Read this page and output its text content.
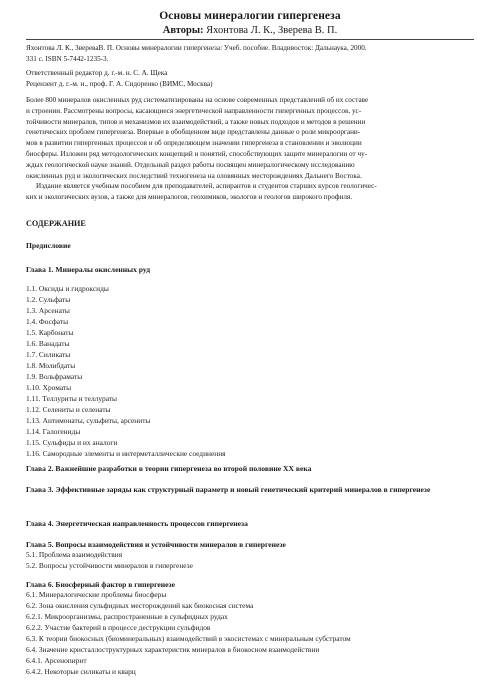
Основы минералогии гипергенеза
Авторы: Яхонтова Л. К., Зверева В. П.
Яхонтова Л. К., ЗвереваВ. П. Основы минералогии гипергенеза: Учеб. пособие. Владивосток: Дальнаука, 2000.
331 с. ISBN 5-7442-1235-3.
Ответственный редактор д. г.-м. н. С. А. Щека
Рецензент д. г.-м. н., проф. Г. А. Сидоренко (ВИМС, Москва)
Более 800 минералов окисленных руд систематизированы на основе современных представлений об их составе
и строении. Рассмотрены вопросы, касающиеся энергетической направленности гипергенных процессов, ус-
тойчивости минералов, типов и механизмов их взаимодействий, а также новых подходов и методов в решении
генетических проблем гипергенеза. Впервые в обобщенном виде представлены данные о роли микрооргани-
мов в развитии гипергенных процессов и об определяющем значении гипергенеза в становлении и эволюции
биосферы. Изложен ряд методологических концепций и понятий, способствующих защите минералогии от чу-
ждых геологической науке знаний. Отдельный раздел работы посвящен минералогическому исследованию
окисленных руд и экологических последствий техногенеза на оловянных месторождениях Дальнего Востока.
Издание является учебным пособием для преподавателей, аспирантов и студентов старших курсов геологичес-
ких и экологических вузов, а также для минералогов, геохимиков, экологов и геологов широкого профиля.
СОДЕРЖАНИЕ
Предисловие
Глава 1. Минералы окисленных руд
1.1. Оксиды и гидроксиды
1.2. Сульфаты
1.3. Арсенаты
1.4. Фосфаты
1.5. Карбонаты
1.6. Ванадаты
1.7. Силикаты
1.8. Молибдаты
1.9. Вольфраматы
1.10. Хроматы
1.11. Теллуриты и теллураты
1.12. Селениты и селенаты
1.13. Антимонаты, сульфиты, арсениты
1.14. Галогениды
1.15. Сульфиды и их аналоги
1.16. Самородные элементы и интерметаллические соединения
Глава 2. Важнейшие разработки в теории гипергенеза во второй половине XX века
Глава 3. Эффективные заряды как структурный параметр и новый генетический критерий минералов в гипергенезе
Глава 4. Энергетическая направленность процессов гипергенеза
Глава 5. Вопросы взаимодействия и устойчивости минералов в гипергенезе
5.1. Проблема взаимодействия
5.2. Вопросы устойчивости минералов в гипергенезе
Глава 6. Биосферный фактор в гипергенезе
6.1. Минералогические проблемы биосферы
6.2. Зона окисления сульфидных месторождений как биокосная система
6.2.1. Микроорганизмы, распространенные в сульфидных рудах
6.2.2. Участие бактерий в процессе деструкции сульфидов
6.3. К теории биокосных (биоминеральных) взаимодействий в экосистемах с минеральным субстратом
6.4. Значение кристаллоструктурных характеристик минералов в биокосном взаимодействии
6.4.1. Арсенопирит
6.4.2. Некоторые силикаты и кварц
